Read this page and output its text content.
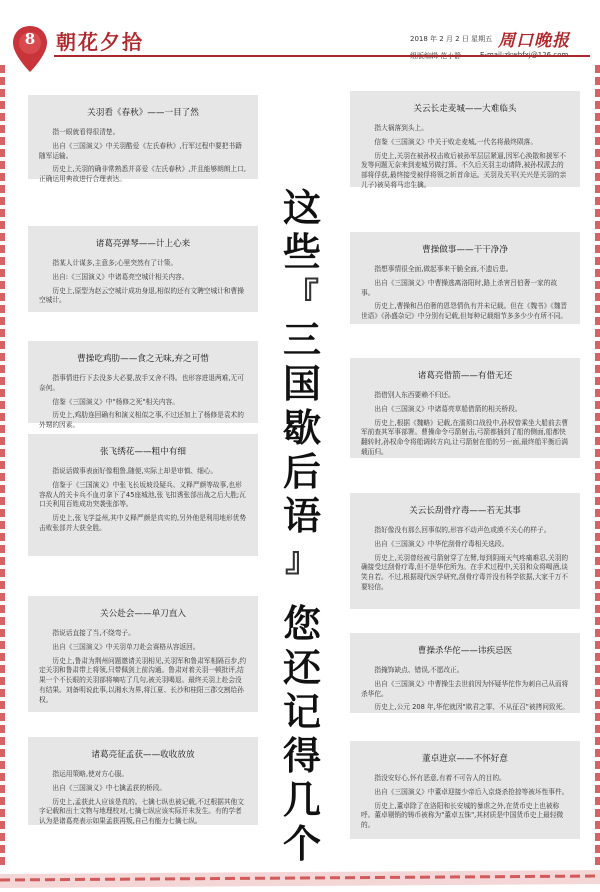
8	朝花夕拾	2018 年 2 月 2 日 星期五 周口晚报
关羽看《春秋》——一目了然

指一眼就看得很清楚。

出自《三国演义》中关羽酷爱《左氏春秋》,行军过程中要把书籍随军运输。

历史上,关羽的确非常熟悉并喜爱《左氏春秋》,并且能够朗朗上口,正确运用典故进行合理表达。

诸葛亮弹琴——计上心来

指某人计谋多,主意多;心里突然有了计策。

出自:《三国演义》中诸葛亮空城计相关内容。

历史上,原型为赵云空城计成功身退,相似的还有文聘空城计和曹操空城计。

曹操吃鸡肋——食之无味,弃之可惜

指事情进行下去没多大必要,放手又舍不得。也形容进退两难,无可奈何。

信鉴《三国演义》中"杨修之死"相关内容。

历史上,鸡肋连回确有和演义相似之事,不过还加上了杨修是袁术的外甥的因素。

张飞绣花——粗中有细

指说话做事表面好像粗鲁,随便,实际上却是审慎、细心。

信鉴于《三国演义》中张飞长坂坡设疑兵、义释严颜等故事,也形容敌人的关卡兵不血刃拿下了45座城池,张飞扣诱张郃出战之后大胜;瓦口关利用百姓成功突袭张郃等。

历史上,张飞学益州,其中义释严颜是真实的,另外他是利用地形优势击败张郃并大获全胜。

关公赴会——单刀直入

指说话直接了当,不绕弯子。

出自《三国演义》中关羽单刀赴会赛格从容返回。

历史上,鲁肃为荆州问题邀请关羽相见,关羽军和鲁肃军相隔百步,约定关羽和鲁肃带上将领,只带佩剑上前沟通。鲁肃对着关羽一顿批评,结果一个不长眼的关羽部将嘀咕了几句,被关羽喝退。最终关羽上赴会没有结果。刘备明说此事,以湘水为界,将江夏、长沙和桂阳三郡交割给孙权。

诸葛亮征孟获——收收放放

指运用策略,使对方心服。

出自《三国演义》中七擒孟获的桥段。

历史上,孟获此人应该是真的。七擒七纵也被记载,不过根据其他文字记载和出土文物与地理校对,七擒七纵应该实际并未发生。有的学者认为是诸葛亮表示如果孟获再叛,自己有能力七擒七纵。

这
些
『
三
国
歇
后
语
』
您
还
记
得
几
个
关云长走麦城——大难临头

指大祸落到头上。

信鉴《三国演义》中关于败走麦城,一代名将最终陨落。

历史上,关羽在被孙权击败后被孙军层层紧逼,因军心涣散和援军不发等问题无奈来到麦城另做打算。不久后关羽主动请降,被孙权派去的部将俘获,最终接受被俘将领之斩首命运。关羽及关平(关兴是关羽的亲儿子)被吴将马忠生擒。

曹操做事——干干净净

指想事情很全面,做起事来干脆全面,不遗后患。

出自《三国演义》中曹操逃离洛阳时,路上杀害吕伯奢一家的故事。

历史上,曹操和吕伯奢的恩怨情仇有并未记载。但在《魏书》《魏晋世语》《孙盛杂记》中分别有记载,但每种记载细节多多少少有所不同。

诸葛亮借箭——有借无还

指借别人东西要赖不归还。

出自《三国演义》中诸葛亮草船借箭的相关桥段。

历史上,根据《魏略》记载,在濡须口战役中,孙权曾乘坐大船前去曹军前查其军事部署。曹操命令弓箭射击,弓箭都插到了船的侧面,船都快翻转时,孙权命令将船调转方向,让弓箭射在船的另一面,最终船平衡后满载而归。

关云长刮骨疗毒——若无其事

指好像没有那么回事似的,形容不动声色或漠不关心的样子。

出自《三国演义》中华佗刮骨疗毒相关选段。

历史上,关羽曾经被弓箭射穿了左臂,每到阴雨天气疼痛难忍,关羽的确接受过刮骨疗毒,但不是华佗所为。在手术过程中,关羽和众将喝酒,谈笑自若。不过,根据现代医学研究,刮骨疗毒并没有科学依据,大家千万不要轻信。

曹操杀华佗——讳疾忌医

指掩饰缺点、错误,不愿改正。

出自《三国演义》中曹操生去世前因为怀疑华佗作为刺自己从而将杀华佗。

历史上,公元 208 年,华佗就因"欺君之罪、不从征召"被拷问致死。

董卓进京——不怀好意

指没安好心,怀有恶意,有着不可告人的目的。

出自《三国演义》中董卓迎接少帝后入京烧杀抢掠等被坏性事件。

历史上,董卓除了在洛阳和长安城的暴虐之外,在货币史上也被称呼。董卓剔销的铸币被称为"董卓五铢",其材质是中国货币史上最轻微的。
